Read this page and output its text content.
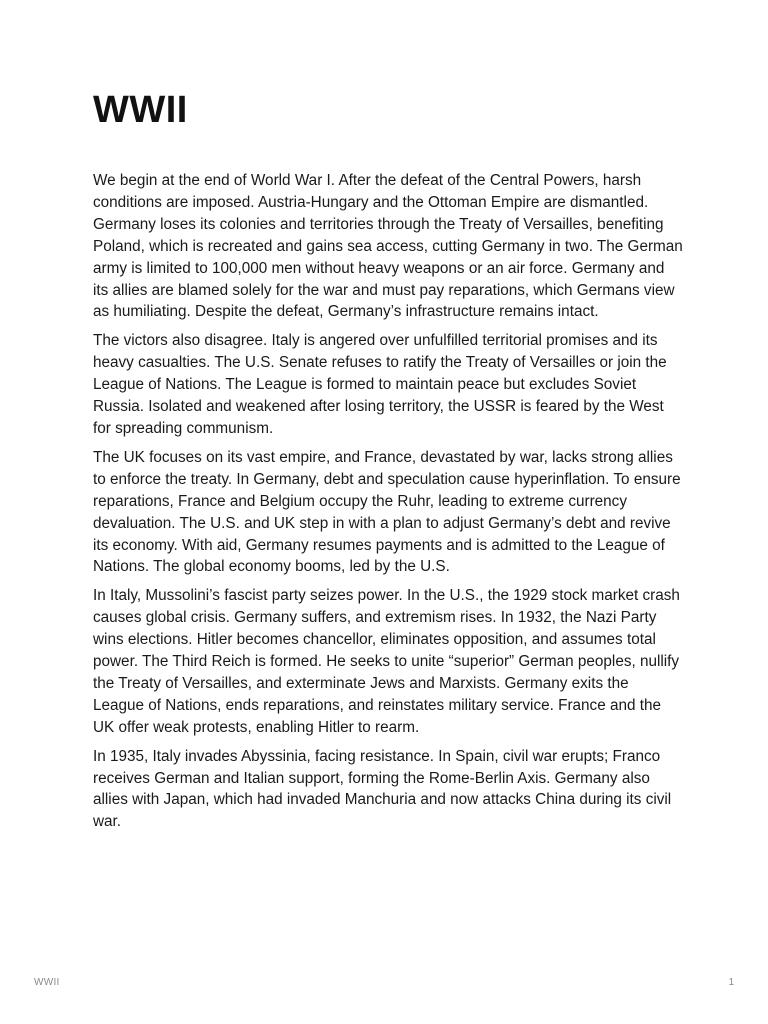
WWII

We begin at the end of World War I. After the defeat of the Central Powers, harsh conditions are imposed. Austria-Hungary and the Ottoman Empire are dismantled. Germany loses its colonies and territories through the Treaty of Versailles, benefiting Poland, which is recreated and gains sea access, cutting Germany in two. The German army is limited to 100,000 men without heavy weapons or an air force. Germany and its allies are blamed solely for the war and must pay reparations, which Germans view as humiliating. Despite the defeat, Germany’s infrastructure remains intact.

The victors also disagree. Italy is angered over unfulfilled territorial promises and its heavy casualties. The U.S. Senate refuses to ratify the Treaty of Versailles or join the League of Nations. The League is formed to maintain peace but excludes Soviet Russia. Isolated and weakened after losing territory, the USSR is feared by the West for spreading communism.

The UK focuses on its vast empire, and France, devastated by war, lacks strong allies to enforce the treaty. In Germany, debt and speculation cause hyperinflation. To ensure reparations, France and Belgium occupy the Ruhr, leading to extreme currency devaluation. The U.S. and UK step in with a plan to adjust Germany’s debt and revive its economy. With aid, Germany resumes payments and is admitted to the League of Nations. The global economy booms, led by the U.S.

In Italy, Mussolini’s fascist party seizes power. In the U.S., the 1929 stock market crash causes global crisis. Germany suffers, and extremism rises. In 1932, the Nazi Party wins elections. Hitler becomes chancellor, eliminates opposition, and assumes total power. The Third Reich is formed. He seeks to unite “superior” German peoples, nullify the Treaty of Versailles, and exterminate Jews and Marxists. Germany exits the League of Nations, ends reparations, and reinstates military service. France and the UK offer weak protests, enabling Hitler to rearm.

In 1935, Italy invades Abyssinia, facing resistance. In Spain, civil war erupts; Franco receives German and Italian support, forming the Rome-Berlin Axis. Germany also allies with Japan, which had invaded Manchuria and now attacks China during its civil war.

WWII	1
